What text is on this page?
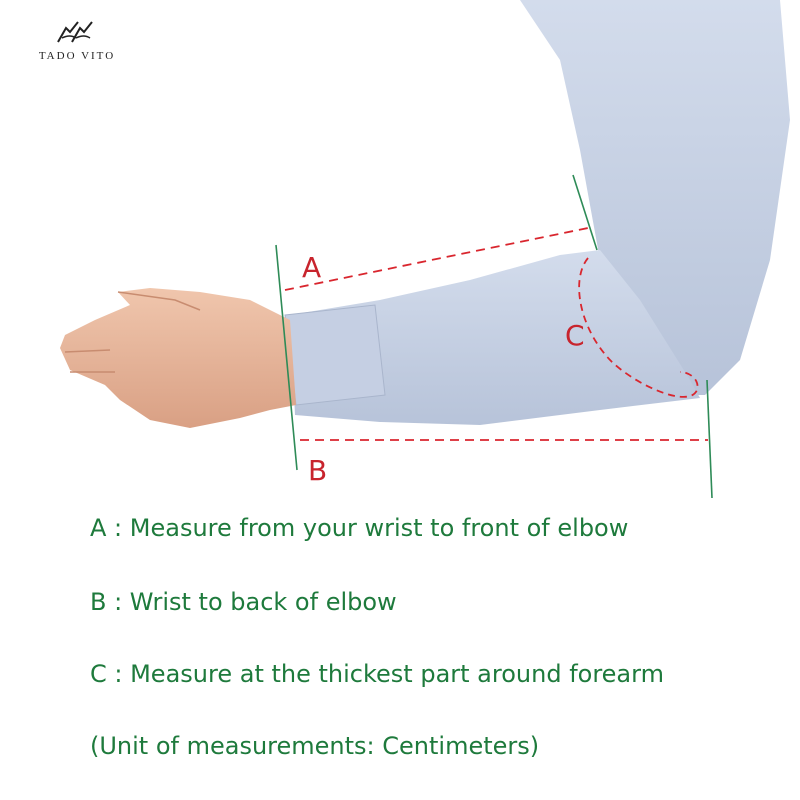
TADO VITO
A
B
C
A : Measure from your wrist to front of elbow
B : Wrist to back of elbow
C : Measure at the thickest part around forearm
(Unit of measurements: Centimeters)
